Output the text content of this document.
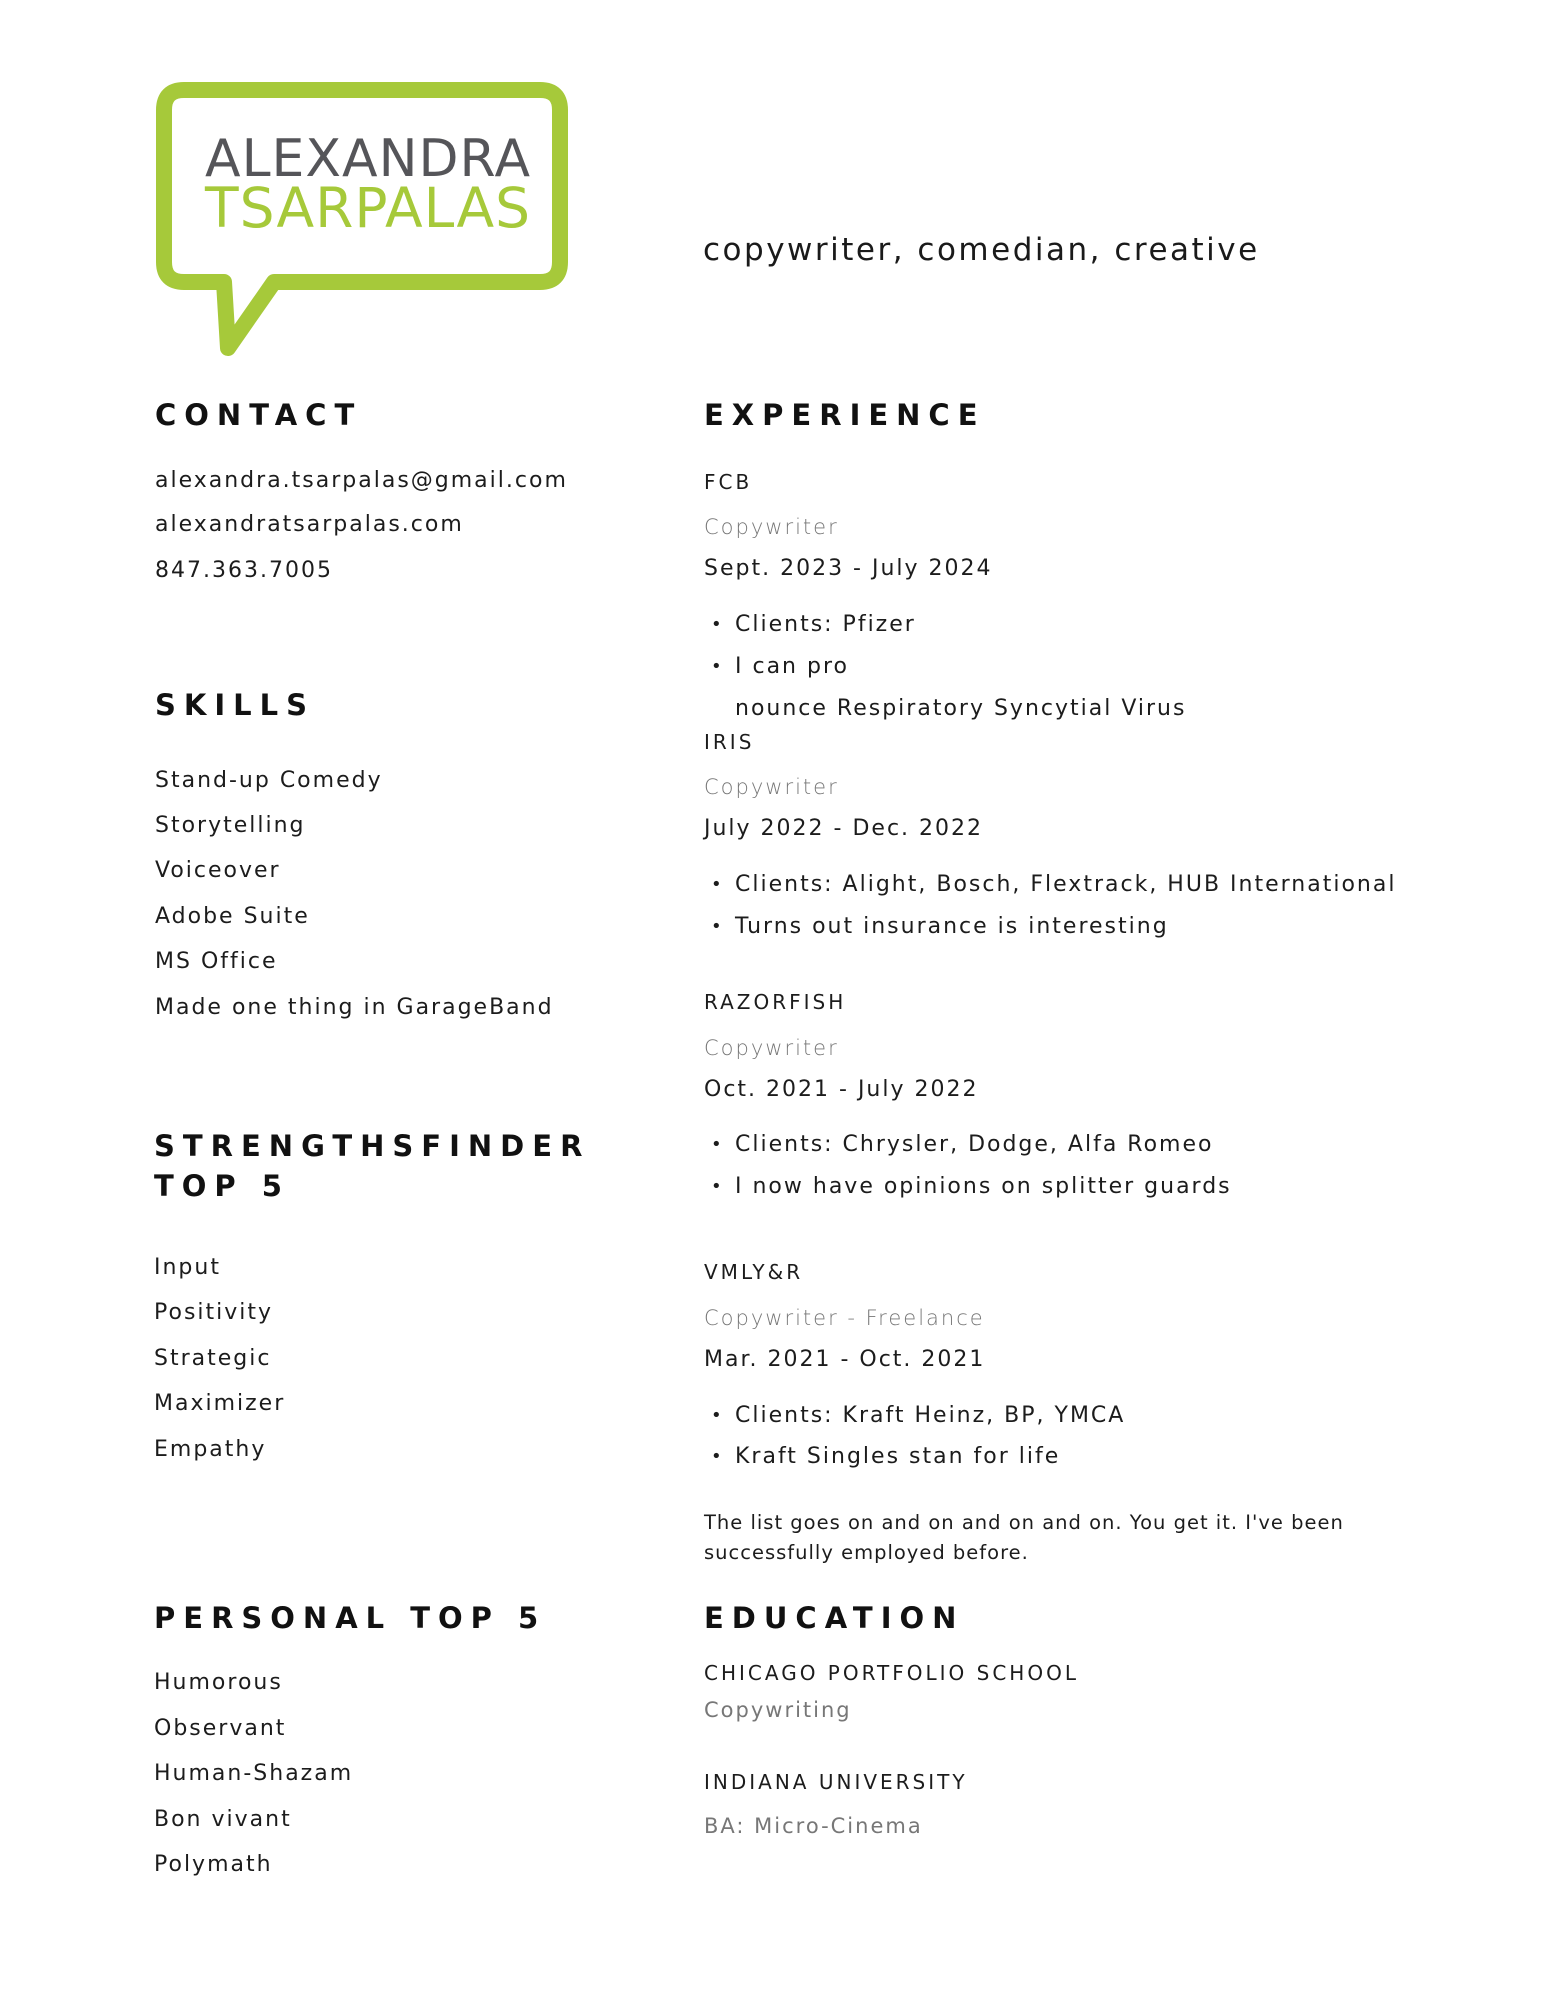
ALEXANDRA
TSARPALAS
copywriter, comedian, creative
CONTACT
alexandra.tsarpalas@gmail.com
alexandratsarpalas.com
847.363.7005
SKILLS
Stand-up Comedy
Storytelling
Voiceover
Adobe Suite
MS Office
Made one thing in GarageBand
STRENGTHSFINDER
TOP 5
Input
Positivity
Strategic
Maximizer
Empathy
PERSONAL TOP 5
Humorous
Observant
Human-Shazam
Bon vivant
Polymath
EXPERIENCE
FCB
Copywriter
Sept. 2023 - July 2024
• Clients: Pfizer
• I can pro
nounce Respiratory Syncytial Virus
IRIS
Copywriter
July 2022 - Dec. 2022
• Clients: Alight, Bosch, Flextrack, HUB International
• Turns out insurance is interesting
RAZORFISH
Copywriter
Oct. 2021 - July 2022
• Clients: Chrysler, Dodge, Alfa Romeo
• I now have opinions on splitter guards
VMLY&R
Copywriter - Freelance
Mar. 2021 - Oct. 2021
• Clients: Kraft Heinz, BP, YMCA
• Kraft Singles stan for life
The list goes on and on and on and on. You get it. I've been successfully employed before.
EDUCATION
CHICAGO PORTFOLIO SCHOOL
Copywriting
INDIANA UNIVERSITY
BA: Micro-Cinema
